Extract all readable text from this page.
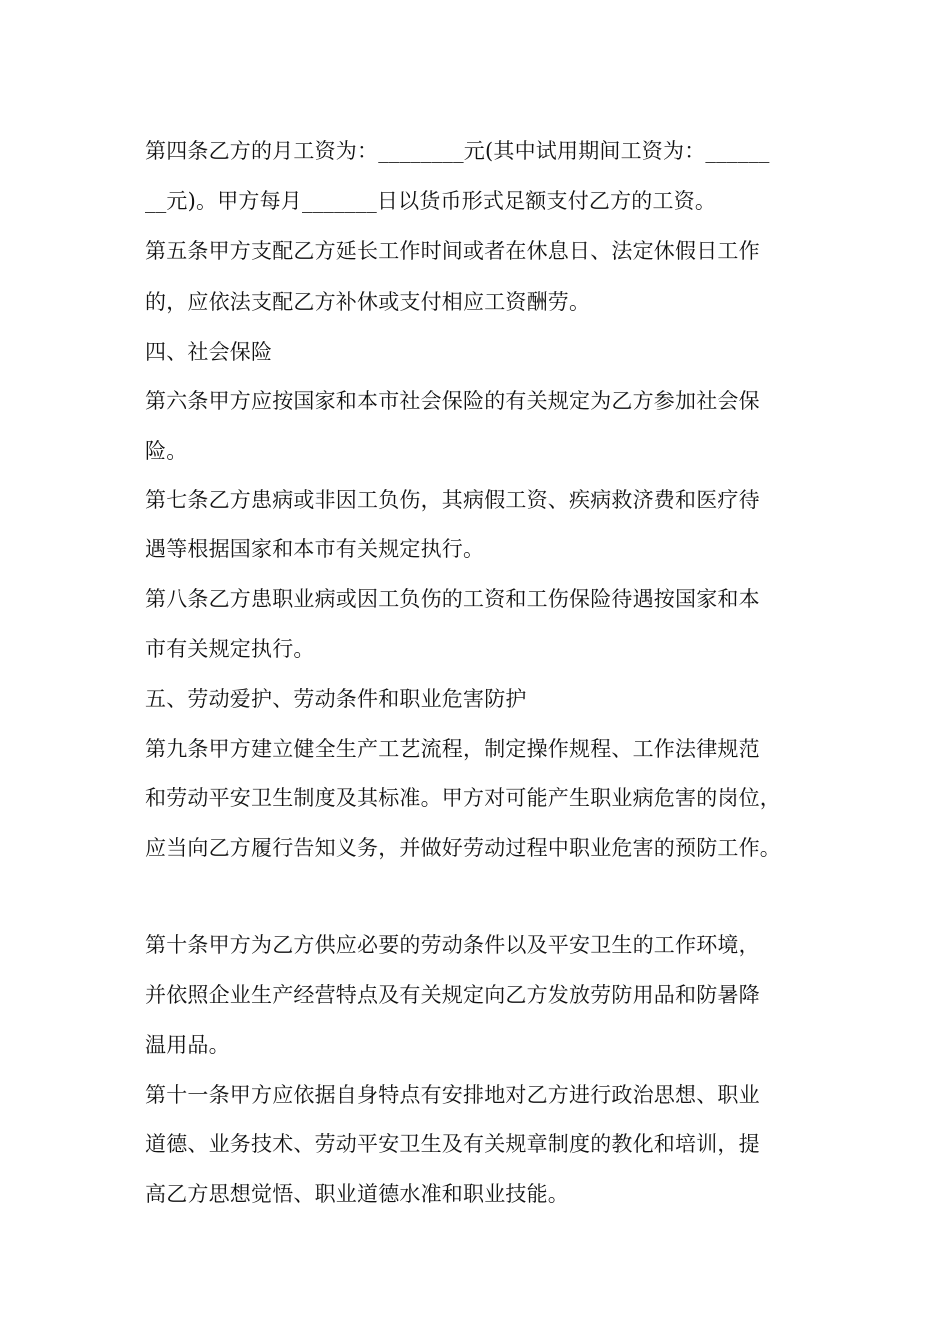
第四条乙方的月工资为：________元(其中试用期间工资为：______
__元)。甲方每月_______日以货币形式足额支付乙方的工资。
第五条甲方支配乙方延长工作时间或者在休息日、法定休假日工作
的，应依法支配乙方补休或支付相应工资酬劳。
四、社会保险
第六条甲方应按国家和本市社会保险的有关规定为乙方参加社会保
险。
第七条乙方患病或非因工负伤，其病假工资、疾病救济费和医疗待
遇等根据国家和本市有关规定执行。
第八条乙方患职业病或因工负伤的工资和工伤保险待遇按国家和本
市有关规定执行。
五、劳动爱护、劳动条件和职业危害防护
第九条甲方建立健全生产工艺流程，制定操作规程、工作法律规范
和劳动平安卫生制度及其标准。甲方对可能产生职业病危害的岗位，
应当向乙方履行告知义务，并做好劳动过程中职业危害的预防工作。
第十条甲方为乙方供应必要的劳动条件以及平安卫生的工作环境，
并依照企业生产经营特点及有关规定向乙方发放劳防用品和防暑降
温用品。
第十一条甲方应依据自身特点有安排地对乙方进行政治思想、职业
道德、业务技术、劳动平安卫生及有关规章制度的教化和培训，提
高乙方思想觉悟、职业道德水准和职业技能。
